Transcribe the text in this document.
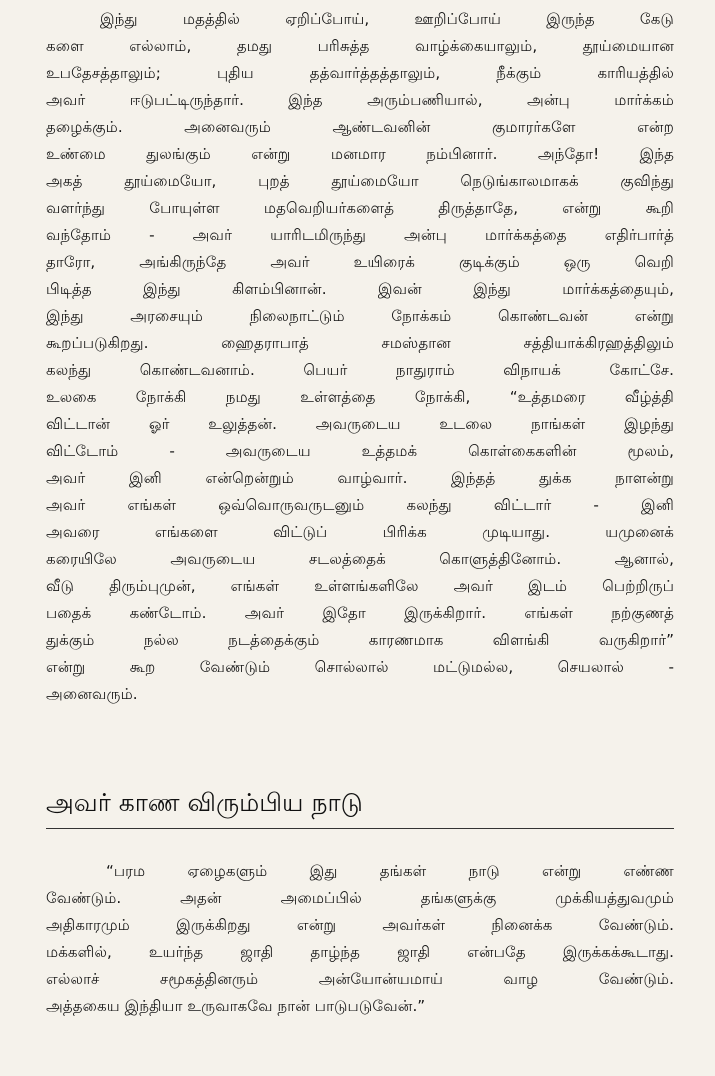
இந்து மதத்தில் ஏறிப்போய், ஊறிப்போய் இருந்த கேடு
களை எல்லாம், தமது பரிசுத்த வாழ்க்கையாலும், தூய்மையான
உபதேசத்தாலும்; புதிய தத்வார்த்தத்தாலும், நீக்கும் காரியத்தில்
அவர் ஈடுபட்டிருந்தார். இந்த அரும்பணியால், அன்பு மார்க்கம்
தழைக்கும். அனைவரும் ஆண்டவனின் குமாரர்களே என்ற
உண்மை துலங்கும் என்று மனமார நம்பினார். அந்தோ! இந்த
அகத் தூய்மையோ, புறத் தூய்மையோ நெடுங்காலமாகக் குவிந்து
வளர்ந்து போயுள்ள மதவெறியர்களைத் திருத்தாதே, என்று கூறி
வந்தோம் - அவர் யாரிடமிருந்து அன்பு மார்க்கத்தை எதிர்பார்த்
தாரோ, அங்கிருந்தே அவர் உயிரைக் குடிக்கும் ஒரு வெறி
பிடித்த இந்து கிளம்பினான். இவன் இந்து மார்க்கத்தையும்,
இந்து அரசையும் நிலைநாட்டும் நோக்கம் கொண்டவன் என்று
கூறப்படுகிறது. ஹைதராபாத் சமஸ்தான சத்தியாக்கிரஹத்திலும்
கலந்து கொண்டவனாம். பெயர் நாதுராம் விநாயக் கோட்சே.
உலகை நோக்கி நமது உள்ளத்தை நோக்கி, “உத்தமரை வீழ்த்தி
விட்டான் ஓர் உலுத்தன். அவருடைய உடலை நாங்கள் இழந்து
விட்டோம் - அவருடைய உத்தமக் கொள்கைகளின் மூலம்,
அவர் இனி என்றென்றும் வாழ்வார். இந்தத் துக்க நாளன்று
அவர் எங்கள் ஒவ்வொருவருடனும் கலந்து விட்டார் - இனி
அவரை எங்களை விட்டுப் பிரிக்க முடியாது. யமுனைக்
கரையிலே அவருடைய சடலத்தைக் கொளுத்தினோம். ஆனால்,
வீடு திரும்புமுன், எங்கள் உள்ளங்களிலே அவர் இடம் பெற்றிருப்
பதைக் கண்டோம். அவர் இதோ இருக்கிறார். எங்கள் நற்குணத்
துக்கும் நல்ல நடத்தைக்கும் காரணமாக விளங்கி வருகிறார்”
என்று கூற வேண்டும் சொல்லால் மட்டுமல்ல, செயலால் -
அனைவரும்.
அவர் காண விரும்பிய நாடு
“பரம ஏழைகளும் இது தங்கள் நாடு என்று எண்ண
வேண்டும். அதன் அமைப்பில் தங்களுக்கு முக்கியத்துவமும்
அதிகாரமும் இருக்கிறது என்று அவர்கள் நினைக்க வேண்டும்.
மக்களில், உயர்ந்த ஜாதி தாழ்ந்த ஜாதி என்பதே இருக்கக்கூடாது.
எல்லாச் சமூகத்தினரும் அன்யோன்யமாய் வாழ வேண்டும்.
அத்தகைய இந்தியா உருவாகவே நான் பாடுபடுவேன்.”
